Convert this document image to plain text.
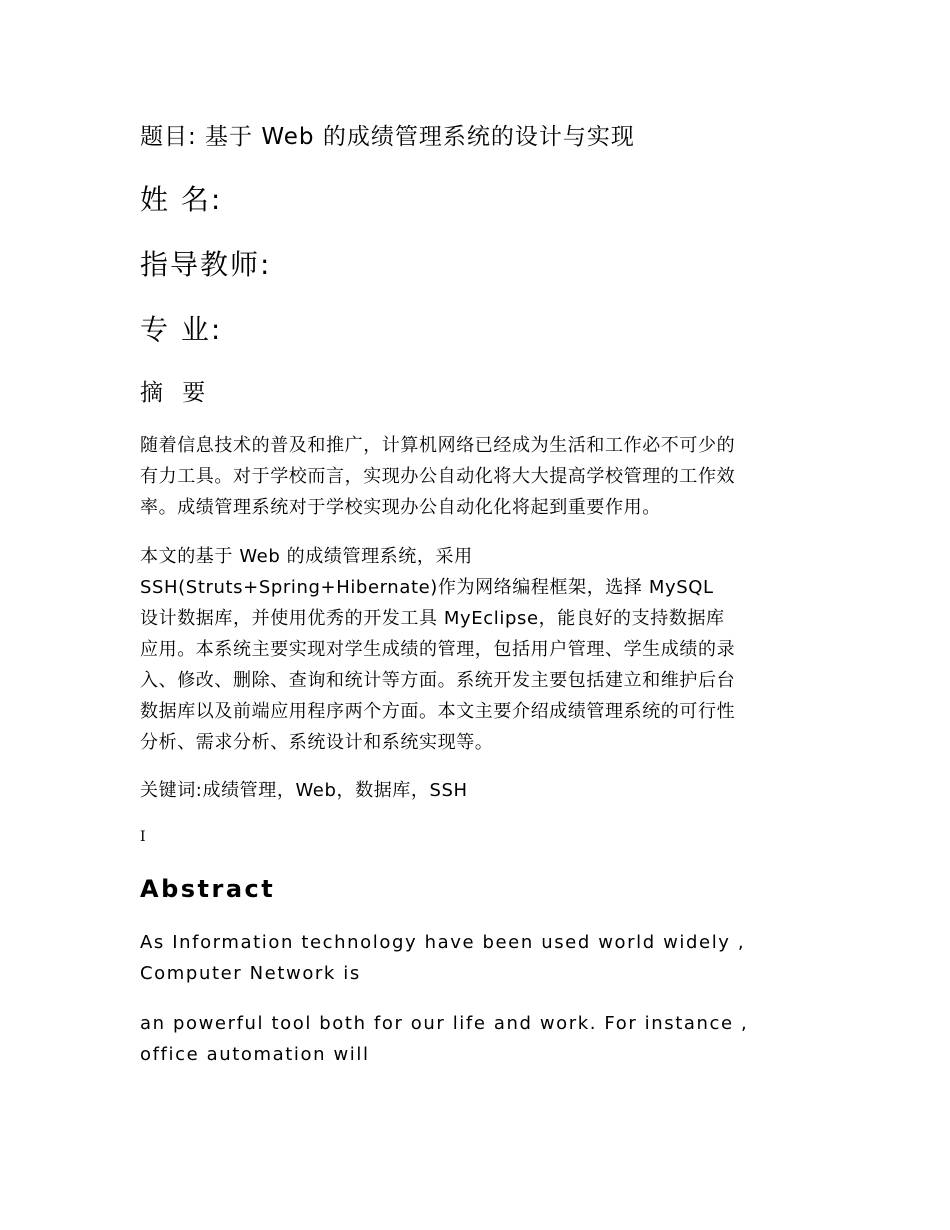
题目: 基于 Web 的成绩管理系统的设计与实现

姓 名:

指导教师:

专 业:

摘 要

随着信息技术的普及和推广，计算机网络已经成为生活和工作必不可少的
有力工具。对于学校而言，实现办公自动化将大大提高学校管理的工作效
率。成绩管理系统对于学校实现办公自动化化将起到重要作用。
本文的基于 Web 的成绩管理系统，采用
SSH(Struts+Spring+Hibernate)作为网络编程框架，选择 MySQL
设计数据库，并使用优秀的开发工具 MyEclipse，能良好的支持数据库
应用。本系统主要实现对学生成绩的管理，包括用户管理、学生成绩的录
入、修改、删除、查询和统计等方面。系统开发主要包括建立和维护后台
数据库以及前端应用程序两个方面。本文主要介绍成绩管理系统的可行性
分析、需求分析、系统设计和系统实现等。

关键词:成绩管理，Web，数据库，SSH

I

Abstract

As Information technology have been used world widely ,
Computer Network is
an powerful tool both for our life and work. For instance ,
office automation will
